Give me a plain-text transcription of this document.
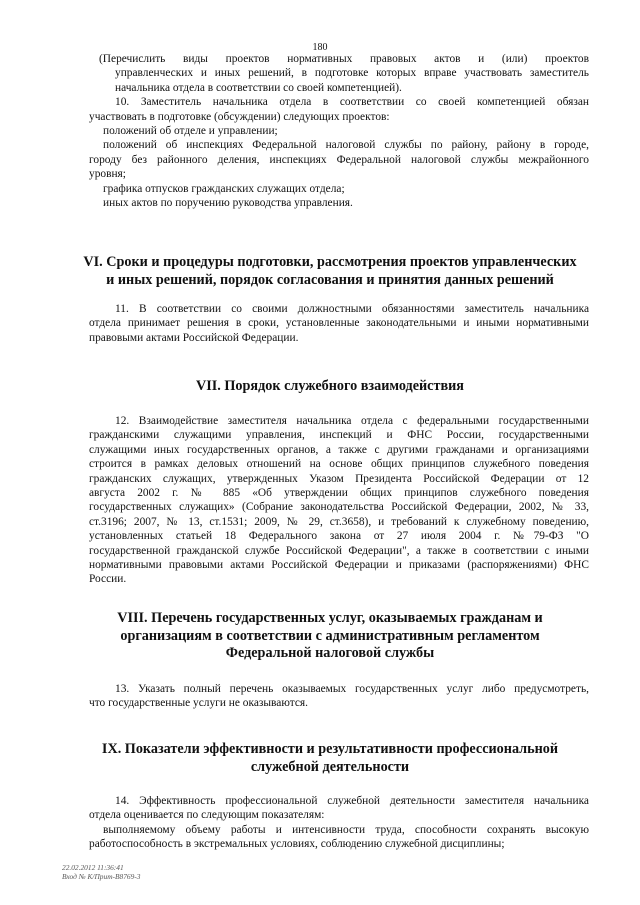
180

(Перечислить виды проектов нормативных правовых актов и (или) проектов
управленческих и иных решений, в подготовке которых вправе участвовать заместитель
начальника отдела в соответствии со своей компетенцией).

10. Заместитель начальника отдела в соответствии со своей компетенцией обязан
участвовать в подготовке (обсуждении) следующих проектов:

положений об отделе и управлении;

положений об инспекциях Федеральной налоговой службы по району, району в городе,
городу без районного деления, инспекциях Федеральной налоговой службы межрайонного
уровня;

графика отпусков гражданских служащих отдела;

иных актов по поручению руководства управления.

VI. Сроки и процедуры подготовки, рассмотрения проектов управленческих
и иных решений, порядок согласования и принятия данных решений
11. В соответствии со своими должностными обязанностями заместитель начальника
отдела принимает решения в сроки, установленные законодательными и иными нормативными
правовыми актами Российской Федерации.
VII. Порядок служебного взаимодействия
12. Взаимодействие заместителя начальника отдела с федеральными государственными
гражданскими служащими управления, инспекций и ФНС России, государственными
служащими иных государственных органов, а также с другими гражданами и организациями
строится в рамках деловых отношений на основе общих принципов служебного поведения
гражданских служащих, утвержденных Указом Президента Российской Федерации от 12
августа 2002 г. № 885 «Об утверждении общих принципов служебного поведения
государственных служащих» (Собрание законодательства Российской Федерации, 2002, № 33,
ст.3196; 2007, № 13, ст.1531; 2009, № 29, ст.3658), и требований к служебному поведению,
установленных статьей 18 Федерального закона от 27 июля 2004 г. №79-ФЗ "О
государственной гражданской службе Российской Федерации", а также в соответствии с иными
нормативными правовыми актами Российской Федерации и приказами (распоряжениями) ФНС
России.
VIII. Перечень государственных услуг, оказываемых гражданам и
организациям в соответствии с административным регламентом
Федеральной налоговой службы
13. Указать полный перечень оказываемых государственных услуг либо предусмотреть,
что государственные услуги не оказываются.
IX. Показатели эффективности и результативности профессиональной
служебной деятельности
14. Эффективность профессиональной служебной деятельности заместителя начальника
отдела оценивается по следующим показателям:
выполняемому объему работы и интенсивности труда, способности сохранять высокую
работоспособность в экстремальных условиях, соблюдению служебной дисциплины;
22.02.2012 11:36:41
Вход № К/Прит-В8769-3
